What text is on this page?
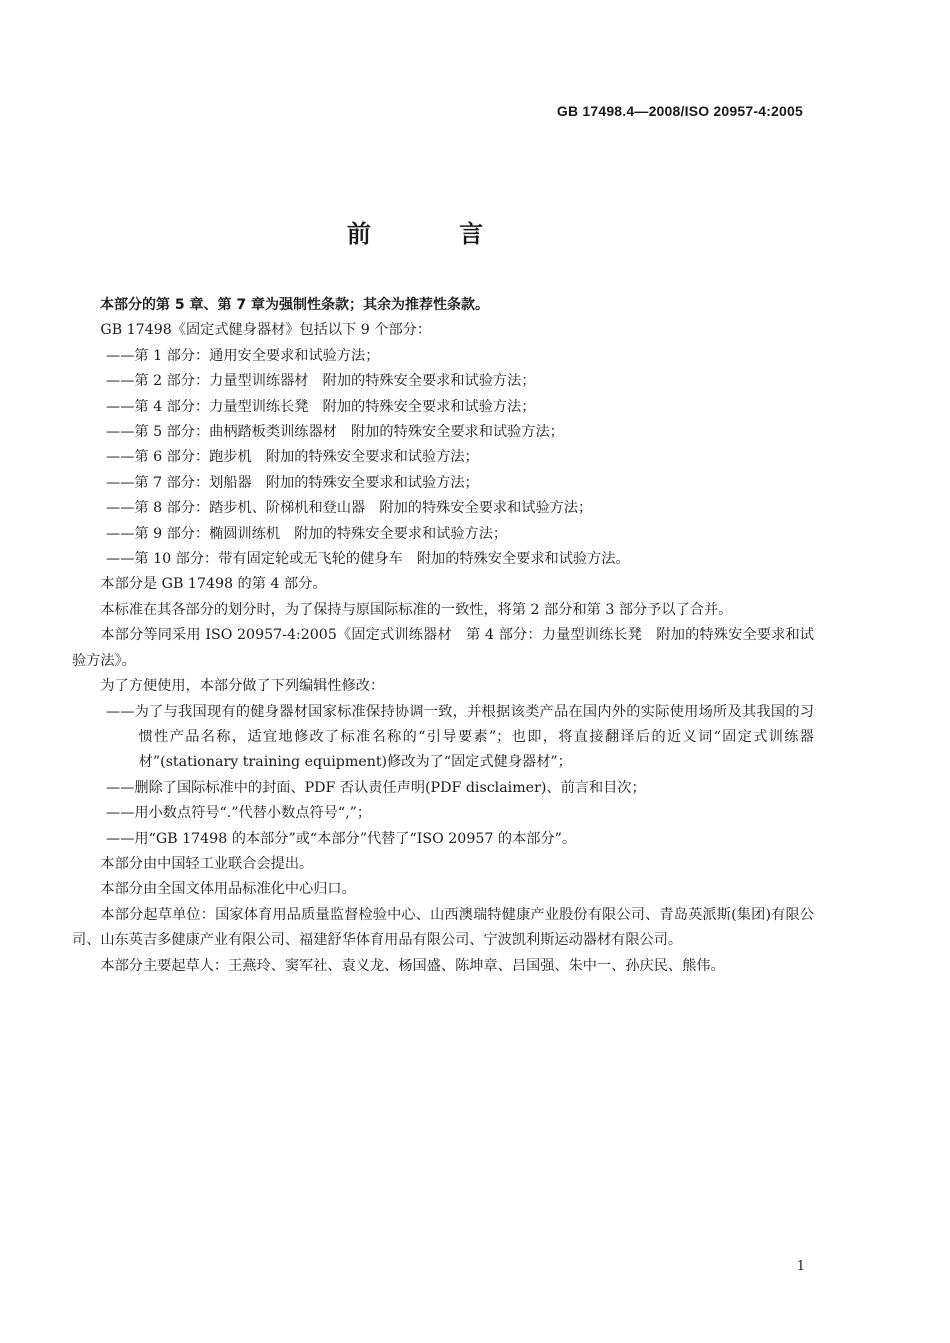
GB 17498.4—2008/ISO 20957-4:2005
前 言

本部分的第 5 章、第 7 章为强制性条款；其余为推荐性条款。

GB 17498《固定式健身器材》包括以下 9 个部分：

——第 1 部分：通用安全要求和试验方法；

——第 2 部分：力量型训练器材　附加的特殊安全要求和试验方法；

——第 4 部分：力量型训练长凳　附加的特殊安全要求和试验方法；

——第 5 部分：曲柄踏板类训练器材　附加的特殊安全要求和试验方法；

——第 6 部分：跑步机　附加的特殊安全要求和试验方法；

——第 7 部分：划船器　附加的特殊安全要求和试验方法；

——第 8 部分：踏步机、阶梯机和登山器　附加的特殊安全要求和试验方法；

——第 9 部分：椭圆训练机　附加的特殊安全要求和试验方法；

——第 10 部分：带有固定轮或无飞轮的健身车　附加的特殊安全要求和试验方法。

本部分是 GB 17498 的第 4 部分。

本标准在其各部分的划分时，为了保持与原国际标准的一致性，将第 2 部分和第 3 部分予以了合并。

本部分等同采用 ISO 20957-4:2005《固定式训练器材　第 4 部分：力量型训练长凳　附加的特殊安全要求和试验方法》。

为了方便使用，本部分做了下列编辑性修改：

——为了与我国现有的健身器材国家标准保持协调一致，并根据该类产品在国内外的实际使用场所及其我国的习惯性产品名称，适宜地修改了标准名称的“引导要素”；也即，将直接翻译后的近义词“固定式训练器材”(stationary training equipment)修改为了“固定式健身器材”；

——删除了国际标准中的封面、PDF 否认责任声明(PDF disclaimer)、前言和目次；

——用小数点符号“.”代替小数点符号“,”；

——用“GB 17498 的本部分”或“本部分”代替了“ISO 20957 的本部分”。

本部分由中国轻工业联合会提出。

本部分由全国文体用品标准化中心归口。

本部分起草单位：国家体育用品质量监督检验中心、山西澳瑞特健康产业股份有限公司、青岛英派斯(集团)有限公司、山东英吉多健康产业有限公司、福建舒华体育用品有限公司、宁波凯利斯运动器材有限公司。

本部分主要起草人：王燕玲、窦军社、袁义龙、杨国盛、陈坤章、吕国强、朱中一、孙庆民、熊伟。

1
